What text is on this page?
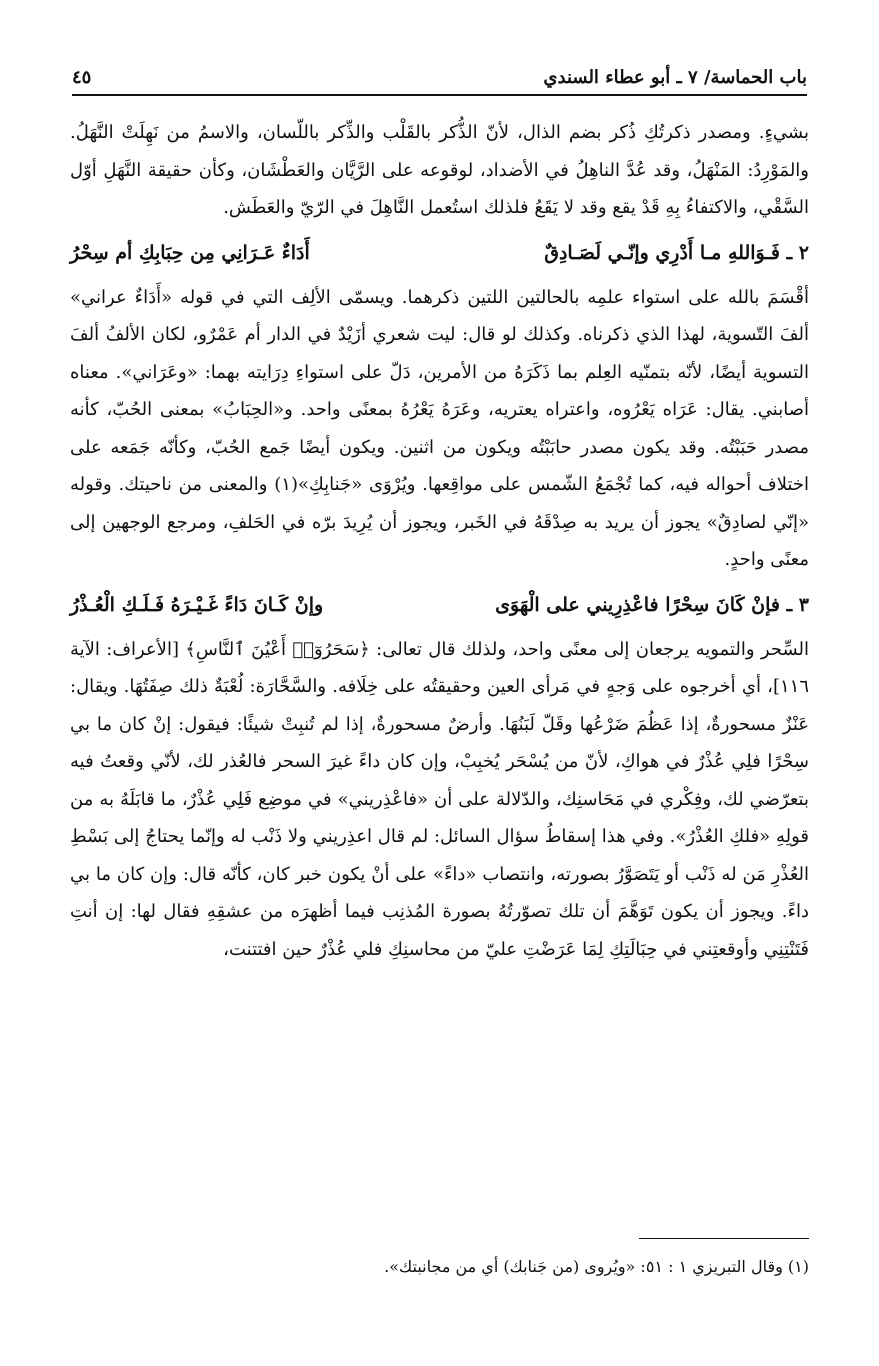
باب الحماسة/ ٧ ـ أبو عطاء السندي
٤٥

بشيءٍ. ومصدر ذكرتُكِ ذُكر بضم الذال، لأنّ الذُّكر بالقَلْب والذِّكر باللّسان، والاسمُ من نَهِلَتْ النَّهَلُ. والمَوْرِدُ: المَنْهَلُ، وقد عُدَّ الناهِلُ في الأضداد، لوقوعه على الرَّيَّان والعَطْشَان، وكأن حقيقة النَّهَلِ أوّل السَّقْي، والاكتفاءُ بِهِ قَدْ يقع وقد لا يَقَعُ فلذلك استُعمل النَّاهِلَ في الرّيّ والعَطَش.

٢ ـ فَـوَاللهِ مـا أَدْرِي وإنّـي لَصَـادِقٌ
أَدَاءٌ عَـرَانِي مِن حِبَابِكِ أم سِحْرُ

أقْسَمَ بالله على استواء علمِه بالحالتين اللتين ذكرهما. ويسمّى الألِف التي في قوله «أَدَاءٌ عراني» ألفَ التّسوية، لهذا الذي ذكرناه. وكذلك لو قال: ليت شعري أزَيْدٌ في الدار أم عَمْرٌو، لكان الألفُ ألفَ التسوية أيضًا، لأنّه بتمنّيه العِلم بما ذَكَرَهُ من الأمرين، دَلّ على استواءِ دِرَايته بهما: «وعَرَاني». معناه أصابني. يقال: عَرَاه يَعْرُوه، واعتراه يعتريه، وعَرَهُ يَعْرُهُ بمعنًى واحد. و«الحِبَابُ» بمعنى الحُبّ، كأنه مصدر حَبَبْتُه. وقد يكون مصدر حابَبْتُه ويكون من اثنين. ويكون أيضًا جَمع الحُبّ، وكأنّه جَمَعه على اختلاف أحواله فيه، كما تُجْمَعُ الشّمس على مواقِعها. ويُرْوَى «جَنابِكِ»(١) والمعنى من ناحيتك. وقوله «إنّي لصادِقٌ» يجوز أن يريد به صِدْقَهُ في الخَبر، ويجوز أن يُرِيدَ برّه في الحَلفِ، ومرجع الوجهين إلى معنًى واحدٍ.

٣ ـ فإنْ كَانَ سِحْرًا فاعْذِرِيني على الْهَوَى
وإنْ كَـانَ دَاءً غَـيْـرَهُ فَـلَـكِ الْعُـذْرُ

السِّحر والتمويه يرجعان إلى معنًى واحد، ولذلك قال تعالى: ﴿سَحَرُوٓا۟ أَعْيُنَ ٱلنَّاسِ﴾ [الأعراف: الآية ١١٦]، أي أخرجوه على وَجهٍ في مَرأى العين وحقيقتُه على خِلَافه. والسَّحَّارَة: لُعْبَةٌ ذلك صِفَتُهَا. ويقال: عَنْزٌ مسحورةٌ، إذا عَظُمَ ضَرْعُها وقَلّ لَبَنُهَا. وأرضٌ مسحورةٌ، إذا لم تُنبِتْ شيئًا: فيقول: إنْ كان ما بي سِحْرًا فلِي عُذْرٌ في هواكِ، لأنّ من يُسْحَر يُخبِبْ، وإن كان داءً غيرَ السحر فالعُذر لك، لأنّي وقعتُ فيه بتعرّضي لك، وفِكْري في مَحَاسنِك، والدّلالة على أن «فاعْذِريني» في موضِع فَلِي عُذْرٌ، ما قابَلَهُ به من قولِهِ «فلكِ العُذْرُ». وفي هذا إسقاطُ سؤال السائل: لم قال اعذِريني ولا ذَنْب له وإنّما يحتاجُ إلى بَسْطِ العُذْرِ مَن له ذَنْب أو يَتَصَوَّرُ بصورته، وانتصاب «داءً» على أنْ يكون خبر كان، كأنّه قال: وإن كان ما بي داءً. ويجوز أن يكون تَوَهَّمَ أن تلك تصوّرتُهُ بصورة المُذنِب فيما أظهرَه من عشقِهِ فقال لها: إن أنتِ فَتَنْتِنِي وأوقعتِني في حِبَالَتِكِ لِمَا عَرَضْتِ عليّ من محاسنِكِ فلي عُذْرٌ حين افتتنت،

(١) وقال التبريزي ١ : ٥١: «ويُروى (من جَنابك) أي من مجانبتك».
